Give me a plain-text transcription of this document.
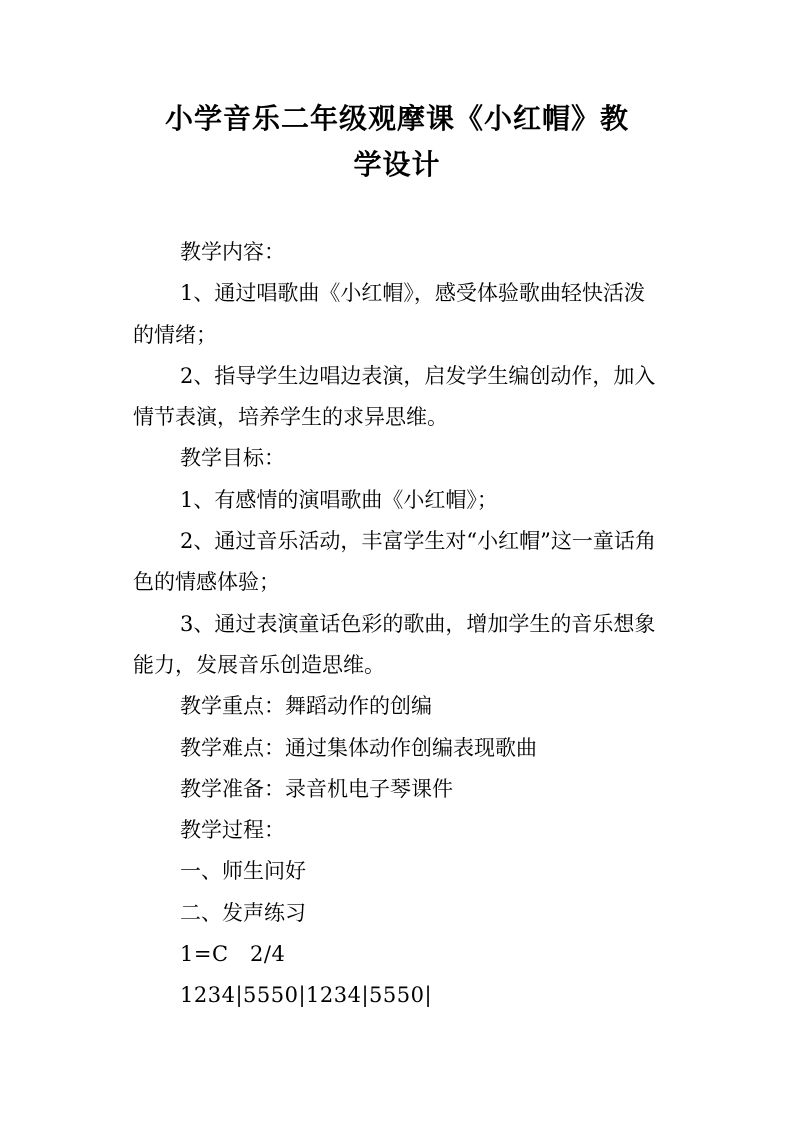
小学音乐二年级观摩课《小红帽》教
学设计

教学内容：

1、通过唱歌曲《小红帽》，感受体验歌曲轻快活泼的情绪；

2、指导学生边唱边表演，启发学生编创动作，加入情节表演，培养学生的求异思维。

教学目标：

1、有感情的演唱歌曲《小红帽》；

2、通过音乐活动，丰富学生对“小红帽”这一童话角色的情感体验；

3、通过表演童话色彩的歌曲，增加学生的音乐想象能力，发展音乐创造思维。

教学重点：舞蹈动作的创编

教学难点：通过集体动作创编表现歌曲

教学准备：录音机电子琴课件

教学过程：

一、师生问好

二、发声练习

1=C　2/4

1234|5550|1234|5550|
